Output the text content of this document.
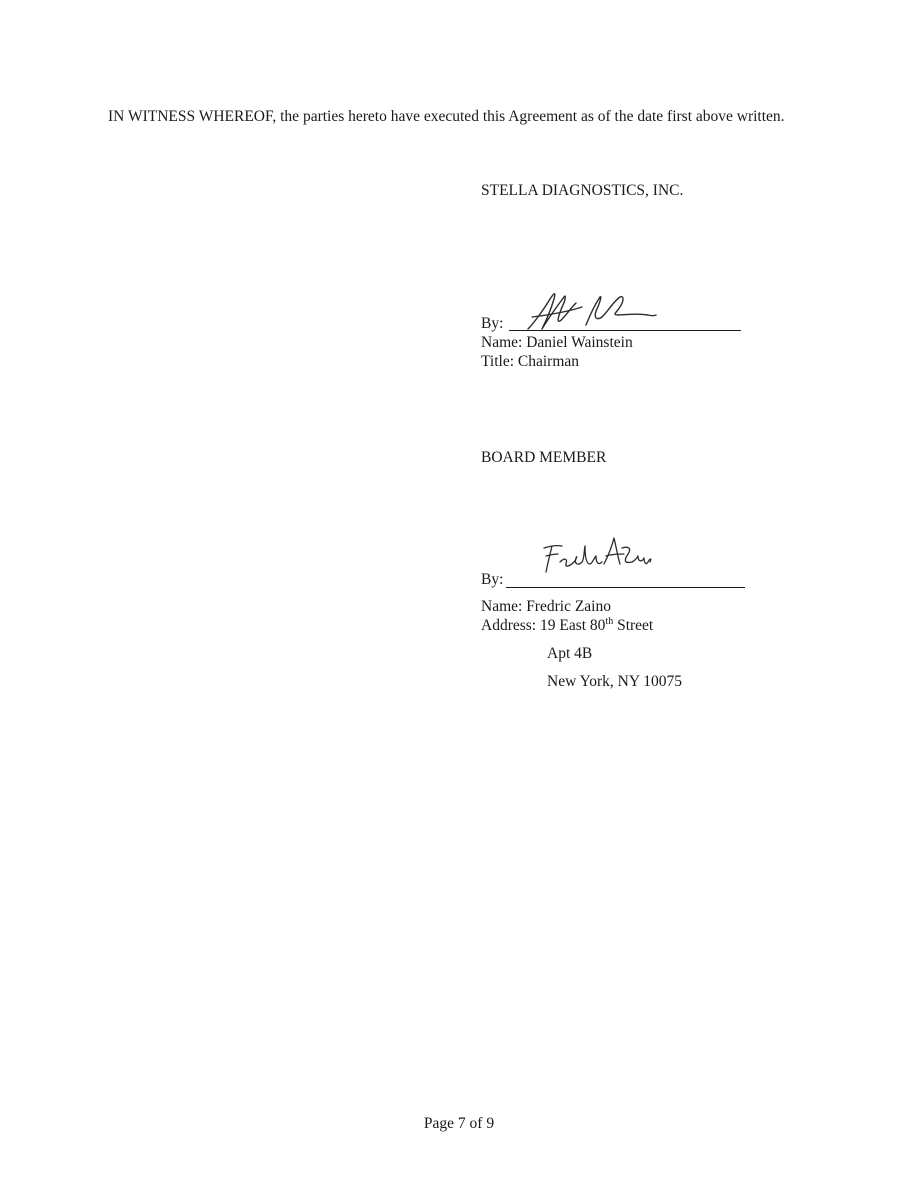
IN WITNESS WHEREOF, the parties hereto have executed this Agreement as of the date first above written.
STELLA DIAGNOSTICS, INC.
By:
Name: Daniel Wainstein
Title: Chairman
BOARD MEMBER
By:
Name: Fredric Zaino
Address: 19 East 80th Street
Apt 4B
New York, NY 10075
Page 7 of 9
